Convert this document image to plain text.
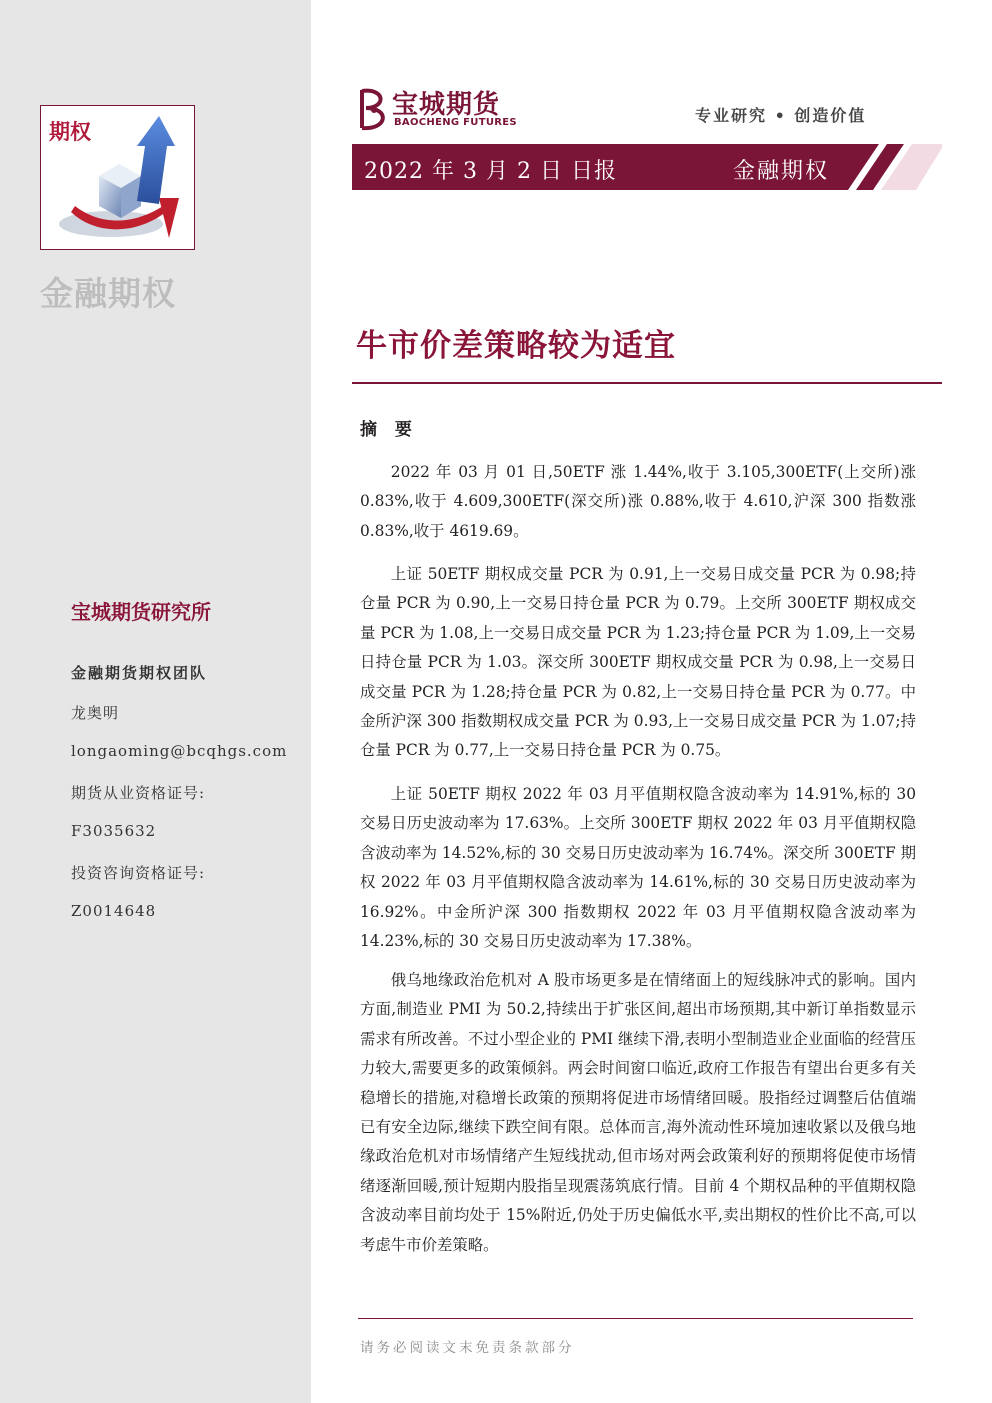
期权
金融期权
宝城期货研究所
金融期货期权团队
龙奥明
longaoming@bcqhgs.com
期货从业资格证号:
F3035632
投资咨询资格证号:
Z0014648
宝城期货
BAOCHENG FUTURES	专业研究 • 创造价值
2022 年 3 月 2 日 日报	金融期权
牛市价差策略较为适宜
摘 要

2022 年 03 月 01 日,50ETF 涨 1.44%,收于 3.105,300ETF(上交所)涨 0.83%,收于 4.609,300ETF(深交所)涨 0.88%,收于 4.610,沪深 300 指数涨 0.83%,收于 4619.69。

上证 50ETF 期权成交量 PCR 为 0.91,上一交易日成交量 PCR 为 0.98;持仓量 PCR 为 0.90,上一交易日持仓量 PCR 为 0.79。上交所 300ETF 期权成交量 PCR 为 1.08,上一交易日成交量 PCR 为 1.23;持仓量 PCR 为 1.09,上一交易日持仓量 PCR 为 1.03。深交所 300ETF 期权成交量 PCR 为 0.98,上一交易日成交量 PCR 为 1.28;持仓量 PCR 为 0.82,上一交易日持仓量 PCR 为 0.77。中金所沪深 300 指数期权成交量 PCR 为 0.93,上一交易日成交量 PCR 为 1.07;持仓量 PCR 为 0.77,上一交易日持仓量 PCR 为 0.75。

上证 50ETF 期权 2022 年 03 月平值期权隐含波动率为 14.91%,标的 30 交易日历史波动率为 17.63%。上交所 300ETF 期权 2022 年 03 月平值期权隐含波动率为 14.52%,标的 30 交易日历史波动率为 16.74%。深交所 300ETF 期权 2022 年 03 月平值期权隐含波动率为 14.61%,标的 30 交易日历史波动率为 16.92%。中金所沪深 300 指数期权 2022 年 03 月平值期权隐含波动率为 14.23%,标的 30 交易日历史波动率为 17.38%。

俄乌地缘政治危机对 A 股市场更多是在情绪面上的短线脉冲式的影响。国内方面,制造业 PMI 为 50.2,持续出于扩张区间,超出市场预期,其中新订单指数显示需求有所改善。不过小型企业的 PMI 继续下滑,表明小型制造业企业面临的经营压力较大,需要更多的政策倾斜。两会时间窗口临近,政府工作报告有望出台更多有关稳增长的措施,对稳增长政策的预期将促进市场情绪回暖。股指经过调整后估值端已有安全边际,继续下跌空间有限。总体而言,海外流动性环境加速收紧以及俄乌地缘政治危机对市场情绪产生短线扰动,但市场对两会政策利好的预期将促使市场情绪逐渐回暖,预计短期内股指呈现震荡筑底行情。目前 4 个期权品种的平值期权隐含波动率目前均处于 15%附近,仍处于历史偏低水平,卖出期权的性价比不高,可以考虑牛市价差策略。

请务必阅读文末免责条款部分
